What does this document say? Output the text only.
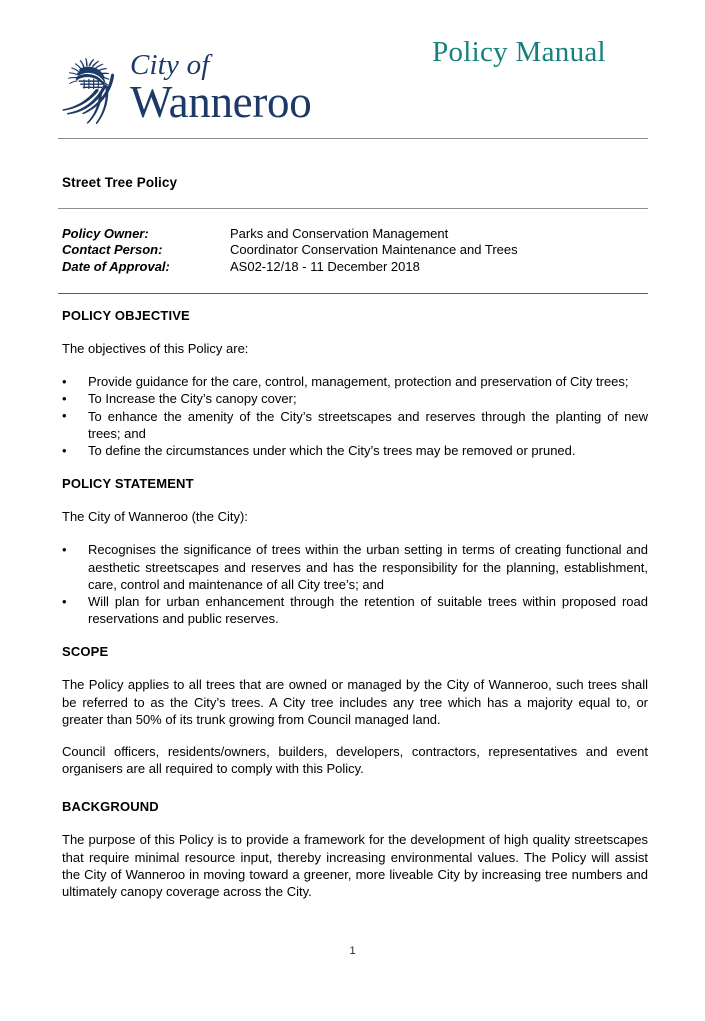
City of
Wanneroo
Policy Manual
Street Tree Policy
Policy Owner:	Parks and Conservation Management
Contact Person:	Coordinator Conservation Maintenance and Trees
Date of Approval:	AS02-12/18 - 11 December 2018
POLICY OBJECTIVE

The objectives of this Policy are:

• Provide guidance for the care, control, management, protection and preservation of City trees;
• To Increase the City’s canopy cover;
• To enhance the amenity of the City’s streetscapes and reserves through the planting of new trees; and
• To define the circumstances under which the City’s trees may be removed or pruned.
POLICY STATEMENT

The City of Wanneroo (the City):

• Recognises the significance of trees within the urban setting in terms of creating functional and aesthetic streetscapes and reserves and has the responsibility for the planning, establishment, care, control and maintenance of all City tree’s; and
• Will plan for urban enhancement through the retention of suitable trees within proposed road reservations and public reserves.
SCOPE

The Policy applies to all trees that are owned or managed by the City of Wanneroo, such trees shall be referred to as the City’s trees. A City tree includes any tree which has a majority equal to, or greater than 50% of its trunk growing from Council managed land.

Council officers, residents/owners, builders, developers, contractors, representatives and event organisers are all required to comply with this Policy.

BACKGROUND

The purpose of this Policy is to provide a framework for the development of high quality streetscapes that require minimal resource input, thereby increasing environmental values. The Policy will assist the City of Wanneroo in moving toward a greener, more liveable City by increasing tree numbers and ultimately canopy coverage across the City.

1
